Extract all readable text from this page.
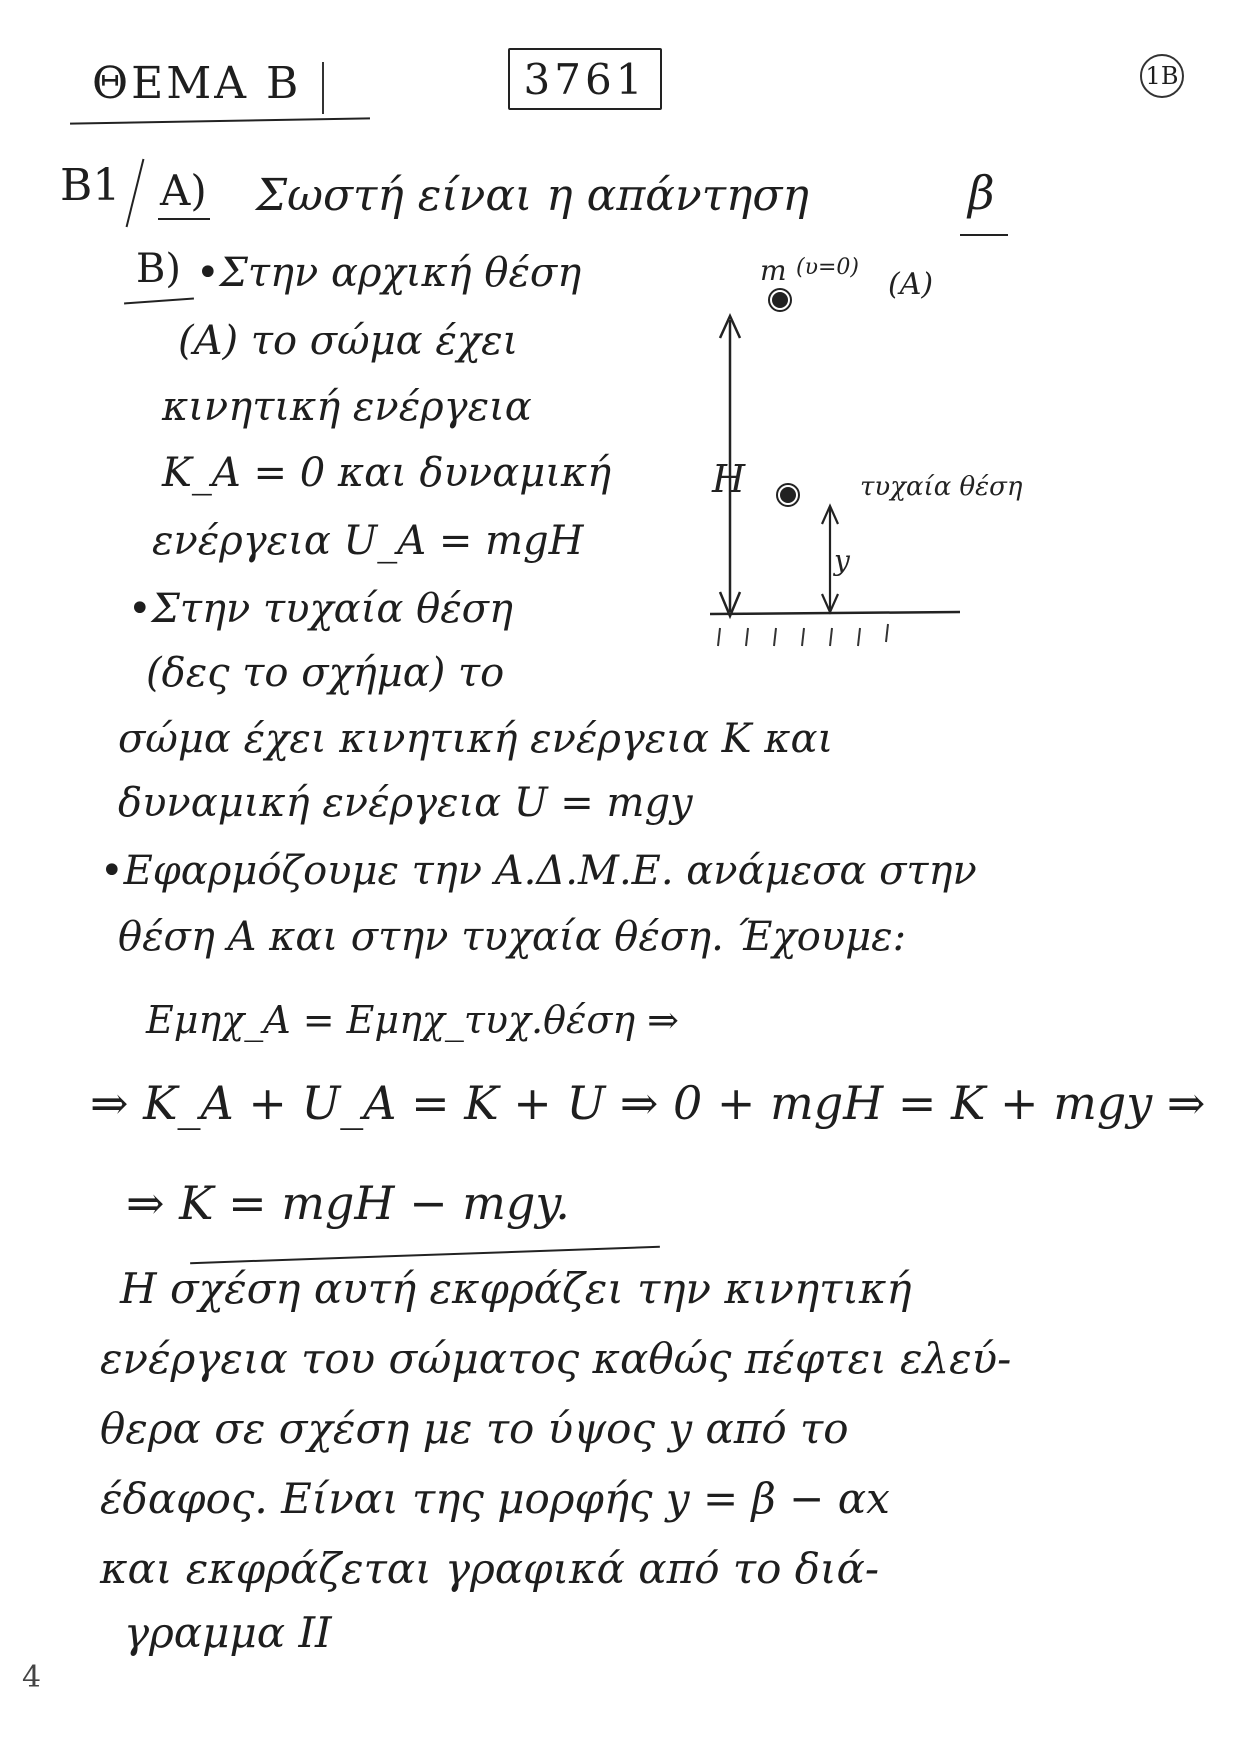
ΘΕΜΑ Β	3761	1Β
Β1 Α) Σωστή είναι η απάντηση	β
Β) •Στην αρχική θέση
(Α) το σώμα έχει
κινητική ενέργεια
Κ_A = 0 και δυναμική
ενέργεια U_A = mgH
•Στην τυχαία θέση
(δες το σχήμα) το
H
m (υ=0) (A)
τυχαία θέση
y
σώμα έχει κινητική ενέργεια Κ και
δυναμική ενέργεια U = mgy
•Εφαρμόζουμε την Α.Δ.Μ.Ε. ανάμεσα στην
θέση Α και στην τυχαία θέση. Έχουμε:
Εμηχ_A = Εμηχ_τυχ.θέση ⇒
⇒ Κ_A + U_A = Κ + U ⇒ 0 + mgH = K + mgy ⇒
⇒ K = mgH − mgy.
Η σχέση αυτή εκφράζει την κινητική
ενέργεια του σώματος καθώς πέφτει ελεύ-
θερα σε σχέση με το ύψος y από το
έδαφος. Είναι της μορφής y = β − αx
και εκφράζεται γραφικά από το διά-
γραμμα ΙΙ
4
